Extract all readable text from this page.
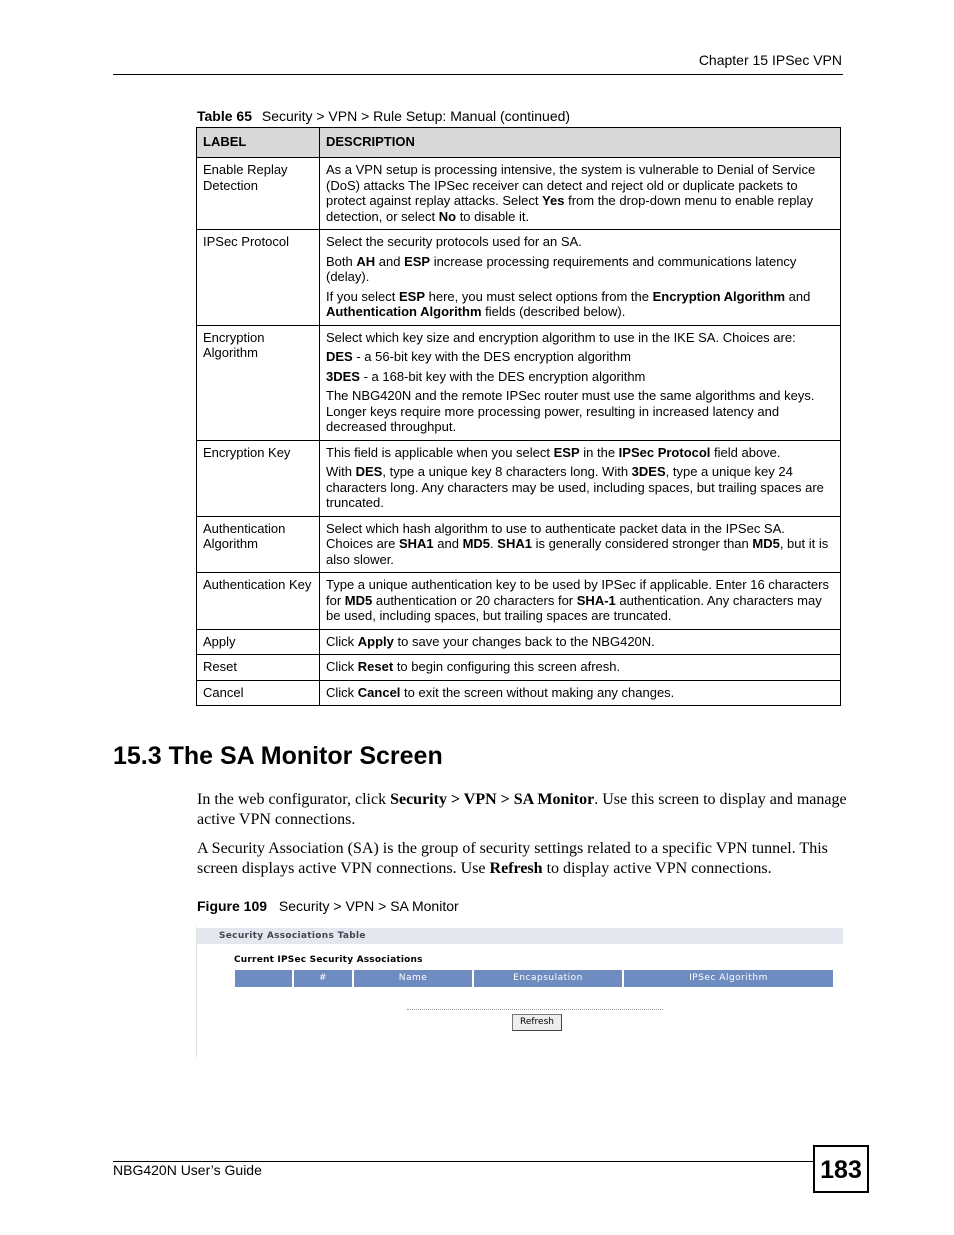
Chapter 15 IPSec VPN
Table 65 Security > VPN > Rule Setup: Manual (continued)
LABEL	DESCRIPTION
Enable Replay Detection	As a VPN setup is processing intensive, the system is vulnerable to Denial of Service (DoS) attacks The IPSec receiver can detect and reject old or duplicate packets to protect against replay attacks. Select Yes from the drop-down menu to enable replay detection, or select No to disable it.

IPSec Protocol	Select the security protocols used for an SA.

Both AH and ESP increase processing requirements and communications latency (delay).

If you select ESP here, you must select options from the Encryption Algorithm and Authentication Algorithm fields (described below).

Encryption Algorithm	Select which key size and encryption algorithm to use in the IKE SA. Choices are:

DES - a 56-bit key with the DES encryption algorithm

3DES - a 168-bit key with the DES encryption algorithm

The NBG420N and the remote IPSec router must use the same algorithms and keys. Longer keys require more processing power, resulting in increased latency and decreased throughput.

Encryption Key	This field is applicable when you select ESP in the IPSec Protocol field above.

With DES, type a unique key 8 characters long. With 3DES, type a unique key 24 characters long. Any characters may be used, including spaces, but trailing spaces are truncated.

Authentication Algorithm	Select which hash algorithm to use to authenticate packet data in the IPSec SA. Choices are SHA1 and MD5. SHA1 is generally considered stronger than MD5, but it is also slower.

Authentication Key	Type a unique authentication key to be used by IPSec if applicable. Enter 16 characters for MD5 authentication or 20 characters for SHA-1 authentication. Any characters may be used, including spaces, but trailing spaces are truncated.

Apply	Click Apply to save your changes back to the NBG420N.

Reset	Click Reset to begin configuring this screen afresh.

Cancel	Click Cancel to exit the screen without making any changes.

15.3 The SA Monitor Screen
In the web configurator, click Security > VPN > SA Monitor. Use this screen to display and manage active VPN connections.
A Security Association (SA) is the group of security settings related to a specific VPN tunnel. This screen displays active VPN connections. Use Refresh to display active VPN connections.
Figure 109 Security > VPN > SA Monitor
Security Associations Table
Current IPSec Security Associations
#	Name	Encapsulation	IPSec Algorithm
Refresh
NBG420N User’s Guide	183
